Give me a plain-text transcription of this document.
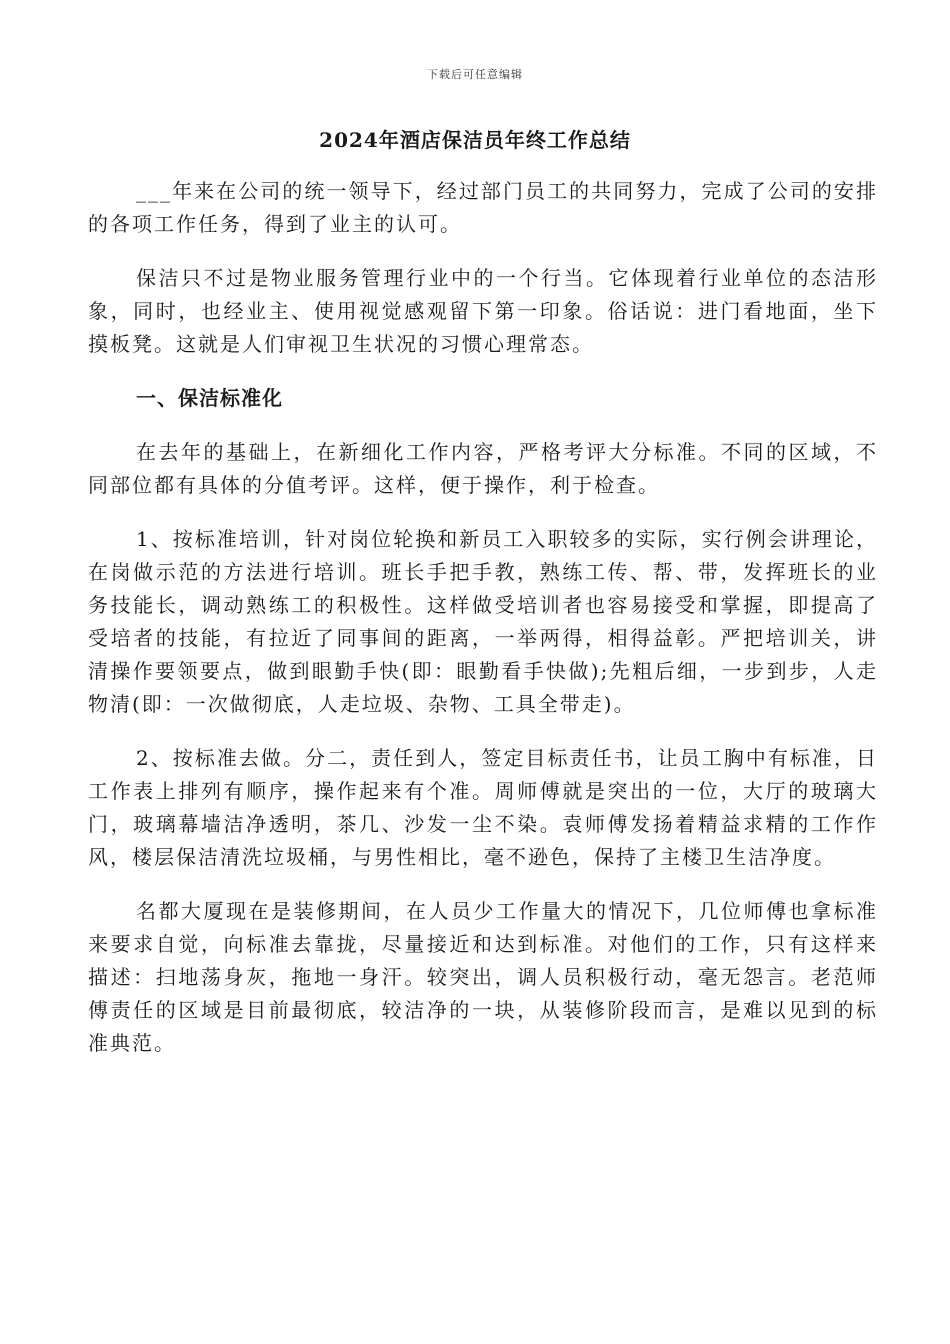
下载后可任意编辑
2024年酒店保洁员年终工作总结

___年来在公司的统一领导下，经过部门员工的共同努力，完成了公司的安排的各项工作任务，得到了业主的认可。

保洁只不过是物业服务管理行业中的一个行当。它体现着行业单位的态洁形象，同时，也经业主、使用视觉感观留下第一印象。俗话说：进门看地面，坐下摸板凳。这就是人们审视卫生状况的习惯心理常态。

一、保洁标准化

在去年的基础上，在新细化工作内容，严格考评大分标准。不同的区域，不同部位都有具体的分值考评。这样，便于操作，利于检查。

1、按标准培训，针对岗位轮换和新员工入职较多的实际，实行例会讲理论，在岗做示范的方法进行培训。班长手把手教，熟练工传、帮、带，发挥班长的业务技能长，调动熟练工的积极性。这样做受培训者也容易接受和掌握，即提高了受培者的技能，有拉近了同事间的距离，一举两得，相得益彰。严把培训关，讲清操作要领要点，做到眼勤手快(即：眼勤看手快做);先粗后细，一步到步，人走物清(即：一次做彻底，人走垃圾、杂物、工具全带走)。

2、按标准去做。分二，责任到人，签定目标责任书，让员工胸中有标准，日工作表上排列有顺序，操作起来有个准。周师傅就是突出的一位，大厅的玻璃大门，玻璃幕墙洁净透明，茶几、沙发一尘不染。袁师傅发扬着精益求精的工作作风，楼层保洁清洗垃圾桶，与男性相比，毫不逊色，保持了主楼卫生洁净度。

名都大厦现在是装修期间，在人员少工作量大的情况下，几位师傅也拿标准来要求自觉，向标准去靠拢，尽量接近和达到标准。对他们的工作，只有这样来描述：扫地荡身灰，拖地一身汗。较突出，调人员积极行动，毫无怨言。老范师傅责任的区域是目前最彻底，较洁净的一块，从装修阶段而言，是难以见到的标准典范。
